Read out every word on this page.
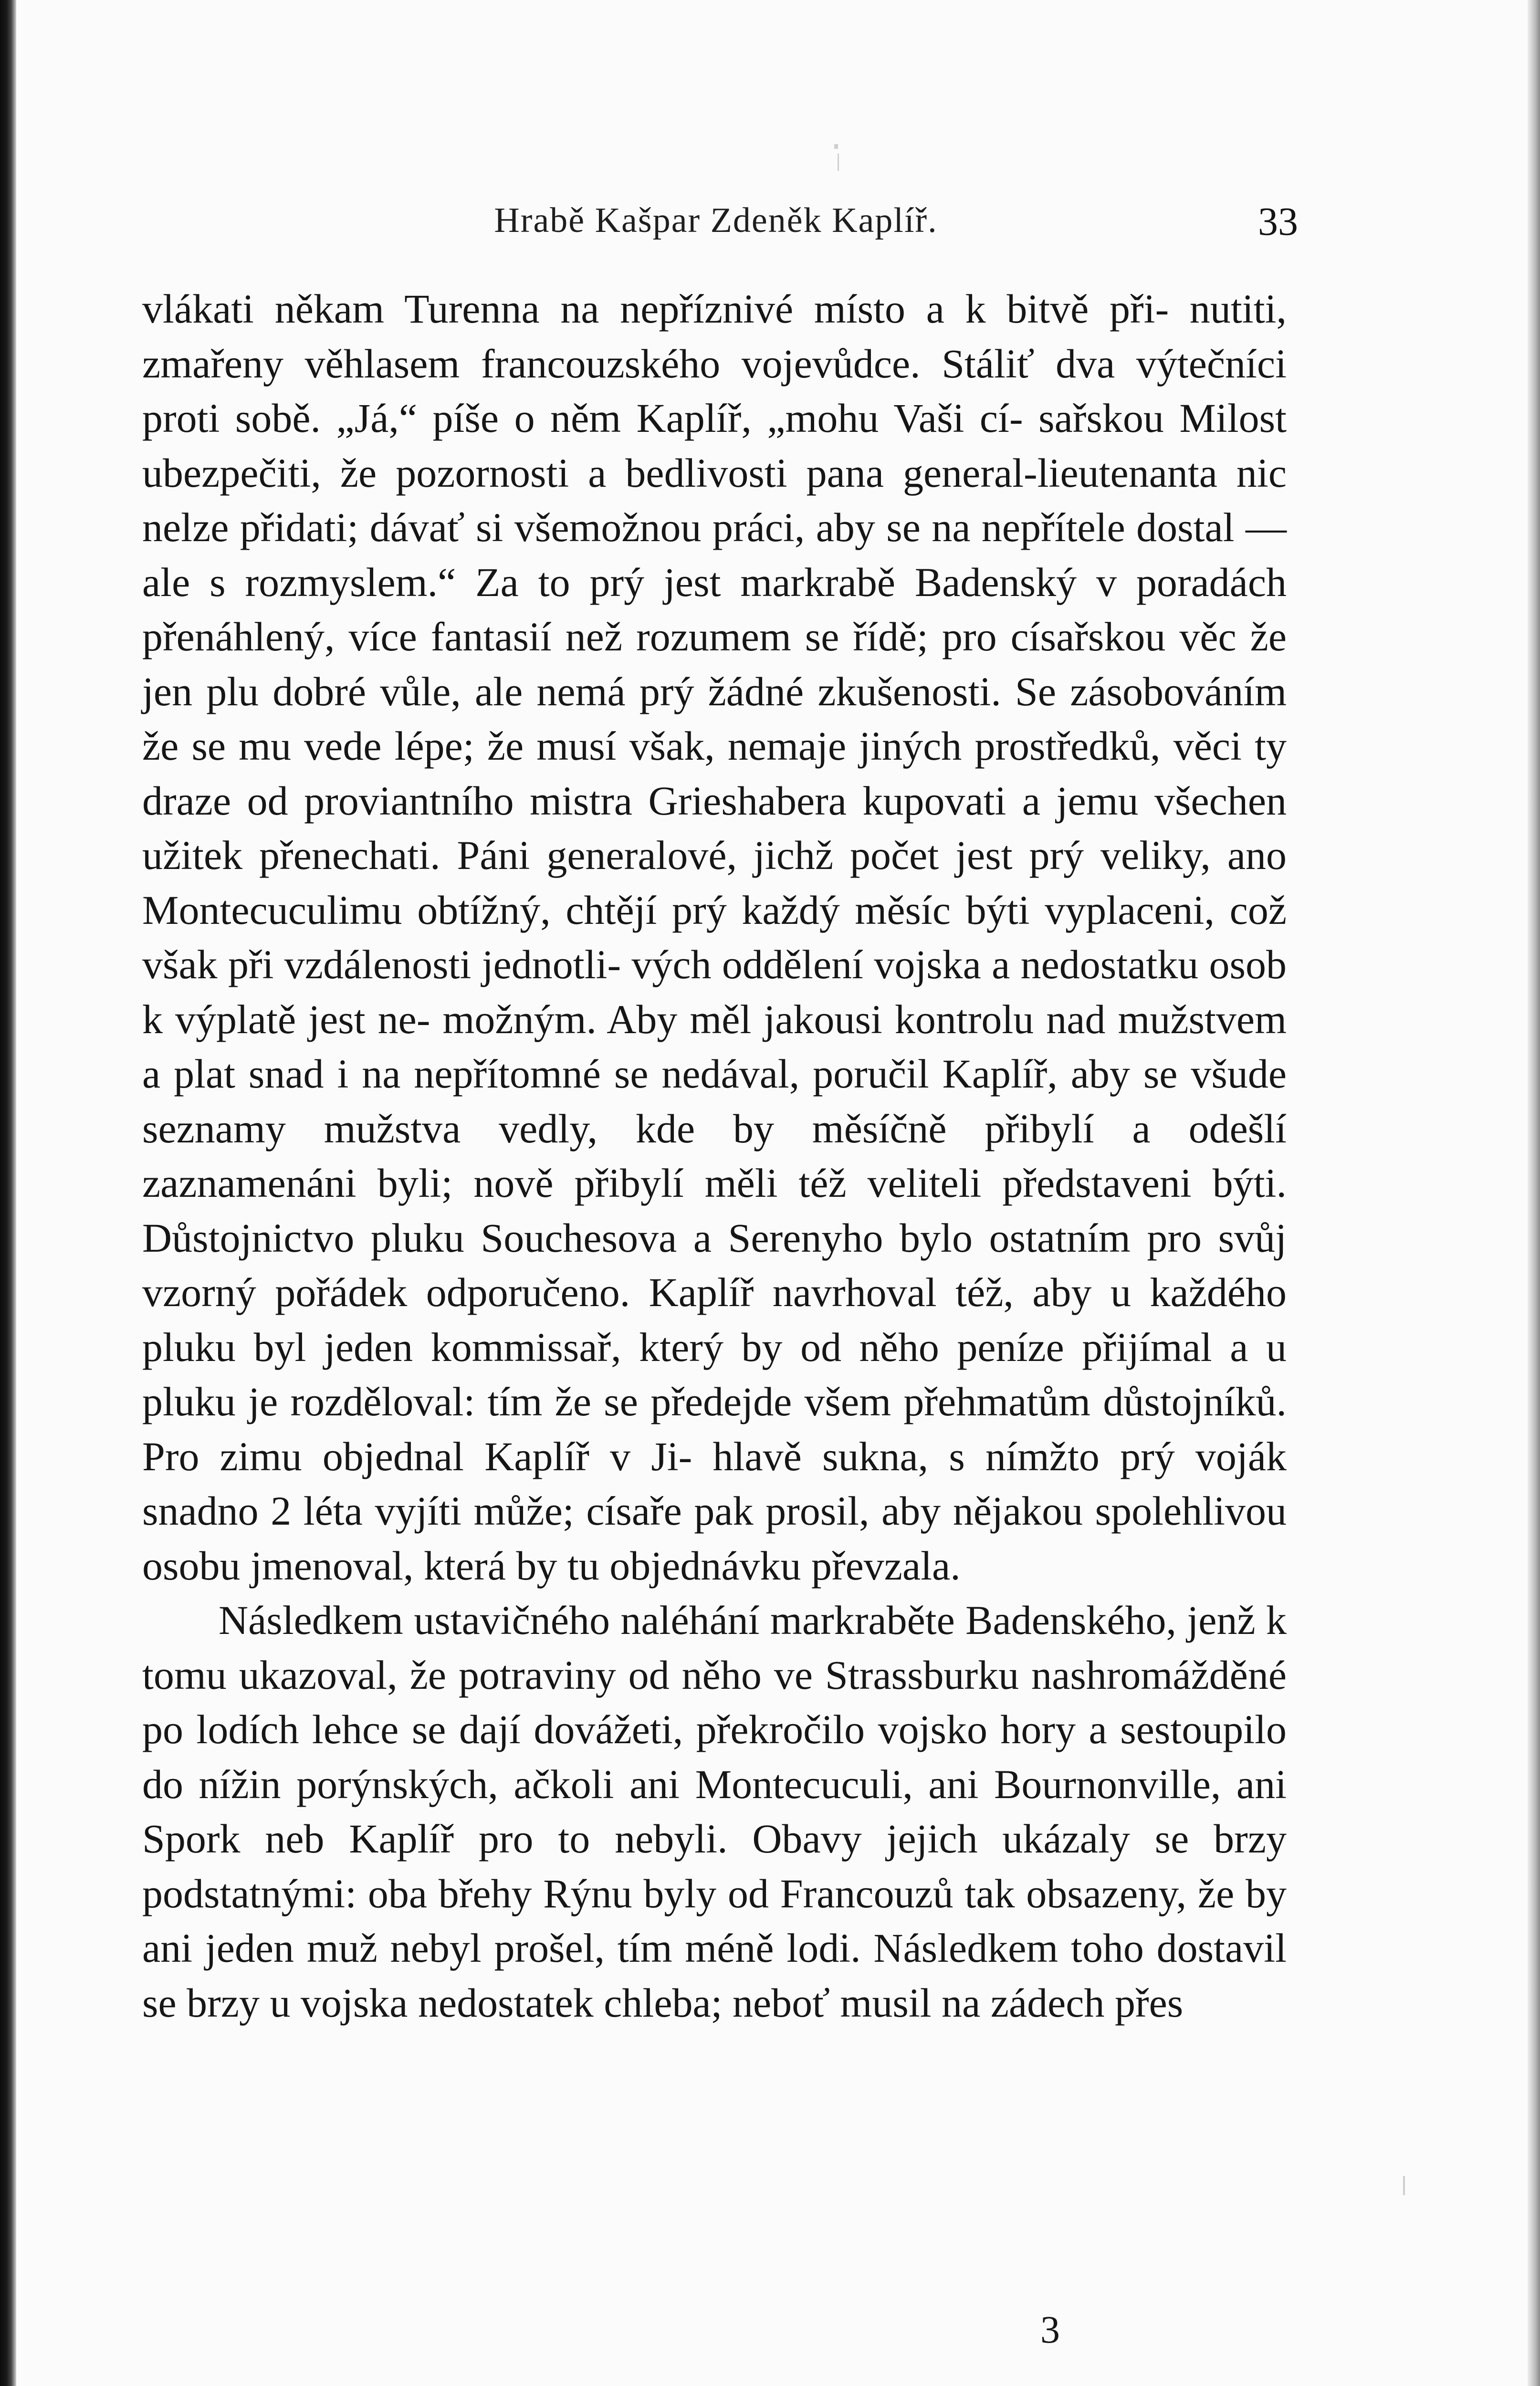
Hrabě Kašpar Zdeněk Kaplíř.	33

vlákati někam Turenna na nepříznivé místo a k bitvě při- nutiti, zmařeny věhlasem francouzského vojevůdce. Stáliť dva výtečníci proti sobě. „Já,“ píše o něm Kaplíř, „mohu Vaši cí- sařskou Milost ubezpečiti, že pozornosti a bedlivosti pana general-lieutenanta nic nelze přidati; dávať si všemožnou práci, aby se na nepřítele dostal — ale s rozmyslem.“ Za to prý jest markrabě Badenský v poradách přenáhlený, více fantasií než rozumem se řídě; pro císařskou věc že jen plu dobré vůle, ale nemá prý žádné zkušenosti. Se zásobováním že se mu vede lépe; že musí však, nemaje jiných prostředků, věci ty draze od proviantního mistra Grieshabera kupovati a jemu všechen užitek přenechati. Páni generalové, jichž počet jest prý veliky, ano Montecuculimu obtížný, chtějí prý každý měsíc býti vyplaceni, což však při vzdálenosti jednotli- vých oddělení vojska a nedostatku osob k výplatě jest ne- možným. Aby měl jakousi kontrolu nad mužstvem a plat snad i na nepřítomné se nedával, poručil Kaplíř, aby se všude seznamy mužstva vedly, kde by měsíčně přibylí a odešlí zaznamenáni byli; nově přibylí měli též veliteli představeni býti. Důstojnictvo pluku Souchesova a Serenyho bylo ostatním pro svůj vzorný pořádek odporučeno. Kaplíř navrhoval též, aby u každého pluku byl jeden kommissař, který by od něho peníze přijímal a u pluku je rozděloval: tím že se předejde všem přehmatům důstojníků. Pro zimu objednal Kaplíř v Ji- hlavě sukna, s nímžto prý voják snadno 2 léta vyjíti může; císaře pak prosil, aby nějakou spolehlivou osobu jmenoval, která by tu objednávku převzala.

Následkem ustavičného naléhání markraběte Badenského, jenž k tomu ukazoval, že potraviny od něho ve Strassburku nashromážděné po lodích lehce se dají dovážeti, překročilo vojsko hory a sestoupilo do nížin porýnských, ačkoli ani Montecuculi, ani Bournonville, ani Spork neb Kaplíř pro to nebyli. Obavy jejich ukázaly se brzy podstatnými: oba břehy Rýnu byly od Francouzů tak obsazeny, že by ani jeden muž nebyl prošel, tím méně lodi. Následkem toho dostavil se brzy u vojska nedostatek chleba; neboť musil na zádech přes

3
